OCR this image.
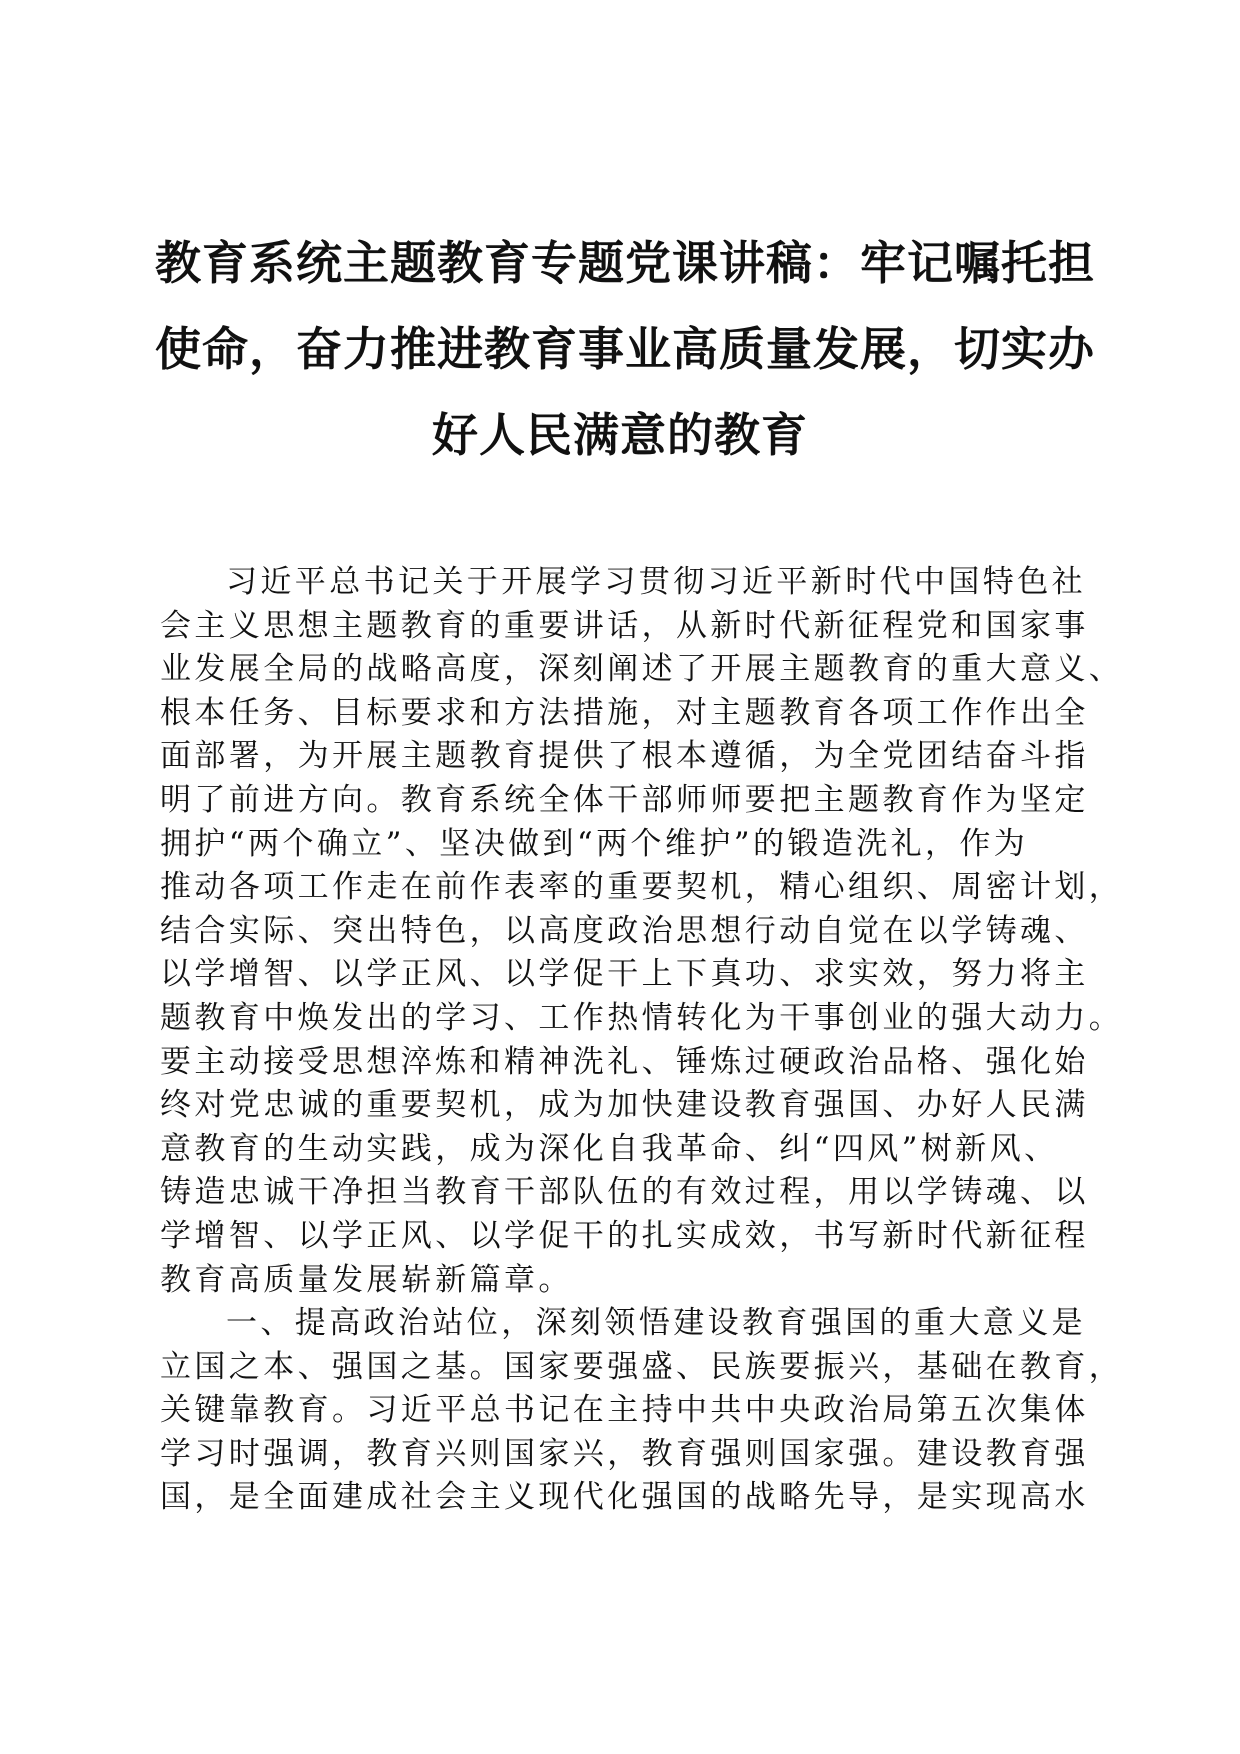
教育系统主题教育专题党课讲稿：牢记嘱托担
使命，奋力推进教育事业高质量发展，切实办
好人民满意的教育
习近平总书记关于开展学习贯彻习近平新时代中国特色社
会主义思想主题教育的重要讲话，从新时代新征程党和国家事
业发展全局的战略高度，深刻阐述了开展主题教育的重大意义、
根本任务、目标要求和方法措施，对主题教育各项工作作出全
面部署，为开展主题教育提供了根本遵循，为全党团结奋斗指
明了前进方向。教育系统全体干部师师要把主题教育作为坚定
拥护“两个确立”、坚决做到“两个维护”的锻造洗礼，作为
推动各项工作走在前作表率的重要契机，精心组织、周密计划，
结合实际、突出特色，以高度政治思想行动自觉在以学铸魂、
以学增智、以学正风、以学促干上下真功、求实效，努力将主
题教育中焕发出的学习、工作热情转化为干事创业的强大动力。
要主动接受思想淬炼和精神洗礼、锤炼过硬政治品格、强化始
终对党忠诚的重要契机，成为加快建设教育强国、办好人民满
意教育的生动实践，成为深化自我革命、纠“四风”树新风、
铸造忠诚干净担当教育干部队伍的有效过程，用以学铸魂、以
学增智、以学正风、以学促干的扎实成效，书写新时代新征程
教育高质量发展崭新篇章。
一、提高政治站位，深刻领悟建设教育强国的重大意义是
立国之本、强国之基。国家要强盛、民族要振兴，基础在教育，
关键靠教育。习近平总书记在主持中共中央政治局第五次集体
学习时强调，教育兴则国家兴，教育强则国家强。建设教育强
国，是全面建成社会主义现代化强国的战略先导，是实现高水
